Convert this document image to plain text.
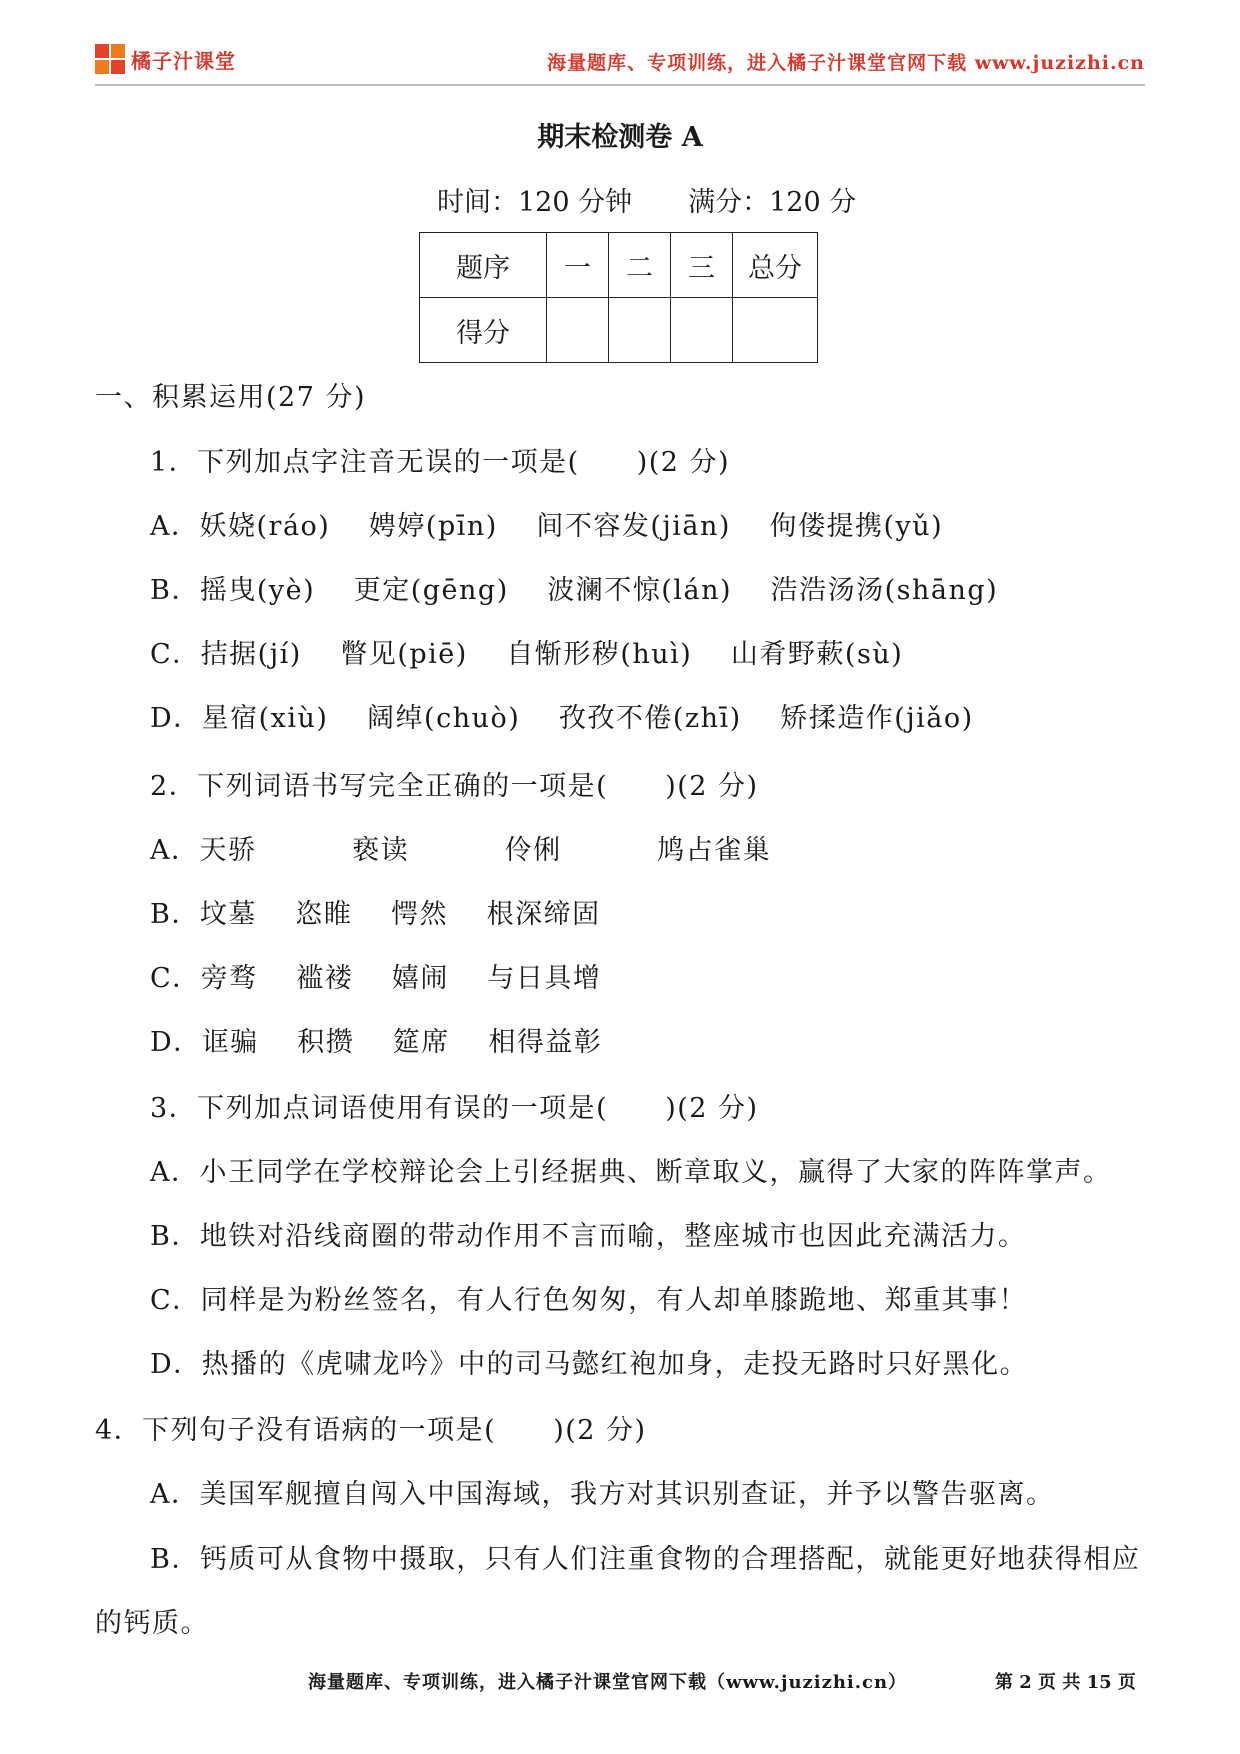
橘子汁课堂	海量题库、专项训练，进入橘子汁课堂官网下载 www.juzizhi.cn
期末检测卷 A
时间：120 分钟 满分：120 分
题序	一	二	三	总分
得分				
一、积累运用(27 分)
1．下列加点字注音无误的一项是(　　)(2 分)
A．妖娆(ráo)　 娉婷(pīn)　 间不容发(jiān)　 佝偻提携(yǔ)
B．摇曳(yè)　 更定(gēng)　 波澜不惊(lán)　 浩浩汤汤(shāng)
C．拮据(jí)　 瞥见(piē)　 自惭形秽(huì)　 山肴野蔌(sù)
D．星宿(xiù)　 阔绰(chuò)　 孜孜不倦(zhī)　 矫揉造作(jiǎo)
2．下列词语书写完全正确的一项是(　　)(2 分)
A．天骄　　　 亵读　　　 伶俐　　　 鸠占雀巢
B．坟墓　 恣睢　 愕然　 根深缔固
C．旁骛　 褴褛　 嬉闹　 与日具增
D．诓骗　 积攒　 筵席　 相得益彰
3．下列加点词语使用有误的一项是(　　)(2 分)
A．小王同学在学校辩论会上引经据典、断章取义，赢得了大家的阵阵掌声。
B．地铁对沿线商圈的带动作用不言而喻，整座城市也因此充满活力。
C．同样是为粉丝签名，有人行色匆匆，有人却单膝跪地、郑重其事！
D．热播的《虎啸龙吟》中的司马懿红袍加身，走投无路时只好黑化。
4．下列句子没有语病的一项是(　　)(2 分)
A．美国军舰擅自闯入中国海域，我方对其识别查证，并予以警告驱离。
B．钙质可从食物中摄取，只有人们注重食物的合理搭配，就能更好地获得相应
的钙质。
海量题库、专项训练，进入橘子汁课堂官网下载（www.juzizhi.cn）	第 2 页 共 15 页
